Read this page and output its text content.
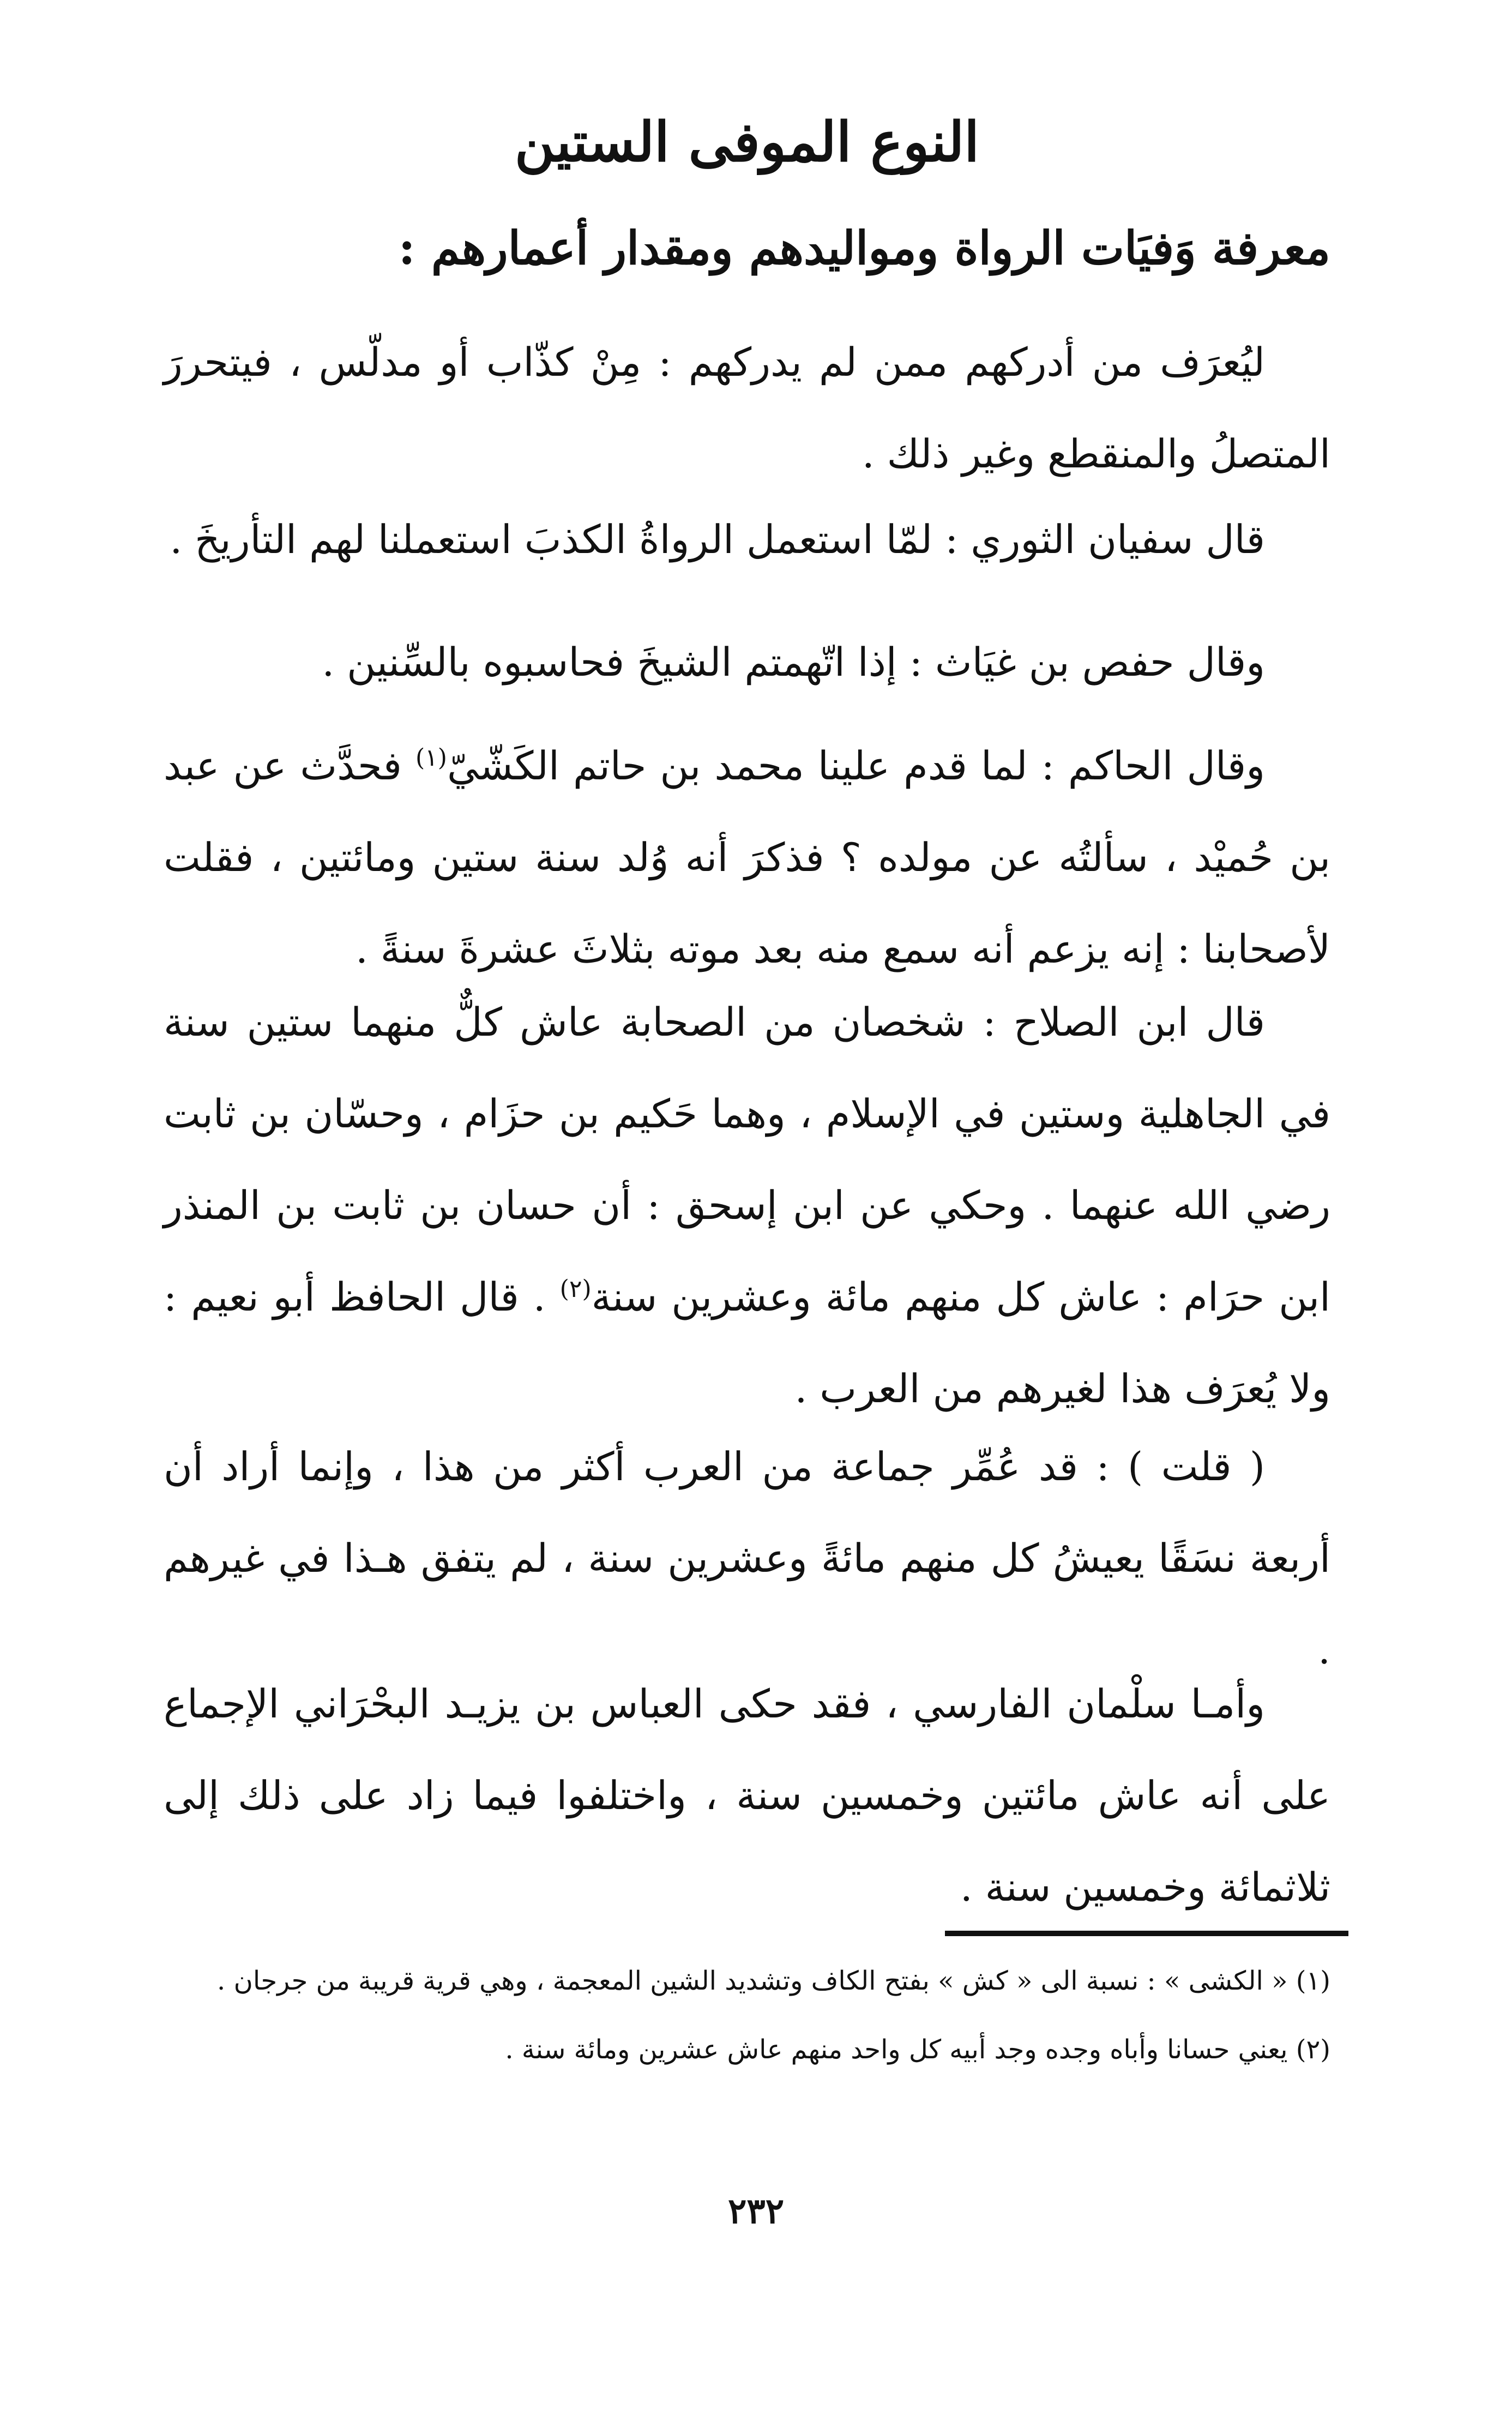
النوع الموفى الستين
معرفة وَفيَات الرواة ومواليدهم ومقدار أعمارهم :

ليُعرَف من أدركهم ممن لم يدركهم : مِنْ كذّاب أو مدلّس ، فيتحررَ المتصلُ والمنقطع وغير ذلك .

قال سفيان الثوري : لمّا استعمل الرواةُ الكذبَ استعملنا لهم التأريخَ .

وقال حفص بن غيَاث : إذا اتّهمتم الشيخَ فحاسبوه بالسِّنين .

وقال الحاكم : لما قدم علينا محمد بن حاتم الكَشّيّ$^{(١)}$ فحدَّث عن عبد بن حُميْد ، سألتُه عن مولده ؟ فذكرَ أنه وُلد سنة ستين ومائتين ، فقلت لأصحابنا : إنه يزعم أنه سمع منه بعد موته بثلاثَ عشرةَ سنةً .

قال ابن الصلاح : شخصان من الصحابة عاش كلٌّ منهما ستين سنة في الجاهلية وستين في الإسلام ، وهما حَكيم بن حزَام ، وحسّان بن ثابت رضي الله عنهما . وحكي عن ابن إسحق : أن حسان بن ثابت بن المنذر ابن حرَام : عاش كل منهم مائة وعشرين سنة$^{(٢)}$ . قال الحافظ أبو نعيم : ولا يُعرَف هذا لغيرهم من العرب .

( قلت ) : قد عُمِّر جماعة من العرب أكثر من هذا ، وإنما أراد أن أربعة نسَقًا يعيشُ كل منهم مائةً وعشرين سنة ، لم يتفق هـذا في غيرهم .

وأمـا سلْمان الفارسي ، فقد حكى العباس بن يزيـد البحْرَاني الإجماع على أنه عاش مائتين وخمسين سنة ، واختلفوا فيما زاد على ذلك إلى ثلاثمائة وخمسين سنة .

(١) « الكشى » : نسبة الى « كش » بفتح الكاف وتشديد الشين المعجمة ، وهي قرية قريبة من جرجان .

(٢) يعني حسانا وأباه وجده وجد أبيه كل واحد منهم عاش عشرين ومائة سنة .

٢٣٢
